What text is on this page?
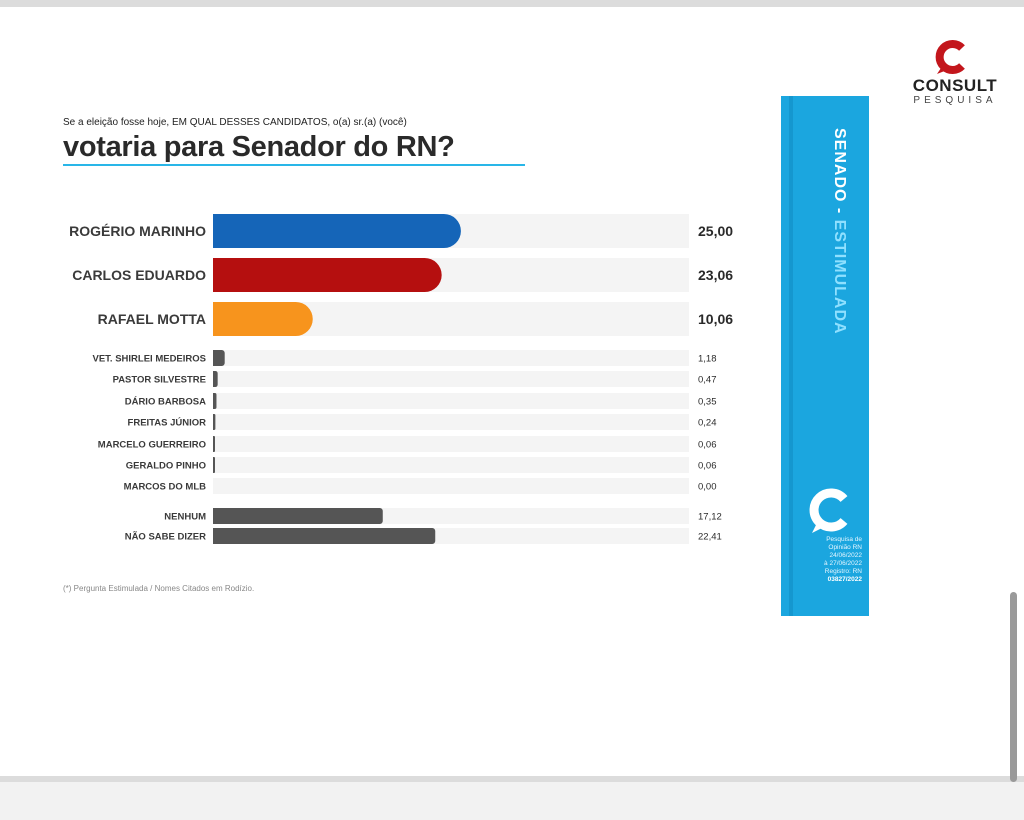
CONSULT
PESQUISA
Se a eleição fosse hoje, EM QUAL DESSES CANDIDATOS, o(a) sr.(a) (você)
votaria para Senador do RN?
ROGÉRIO MARINHO	25,00
CARLOS EDUARDO	23,06
RAFAEL MOTTA	10,06
VET. SHIRLEI MEDEIROS	1,18
PASTOR SILVESTRE	0,47
DÁRIO BARBOSA	0,35
FREITAS JÚNIOR	0,24
MARCELO GUERREIRO	0,06
GERALDO PINHO	0,06
MARCOS DO MLB	0,00
NENHUM	17,12
NÃO SABE DIZER	22,41
(*) Pergunta Estimulada / Nomes Citados em Rodízio.
SENADO - ESTIMULADA
Pesquisa de
Opinião RN
24/06/2022
à 27/06/2022
Registro: RN
03827/2022
